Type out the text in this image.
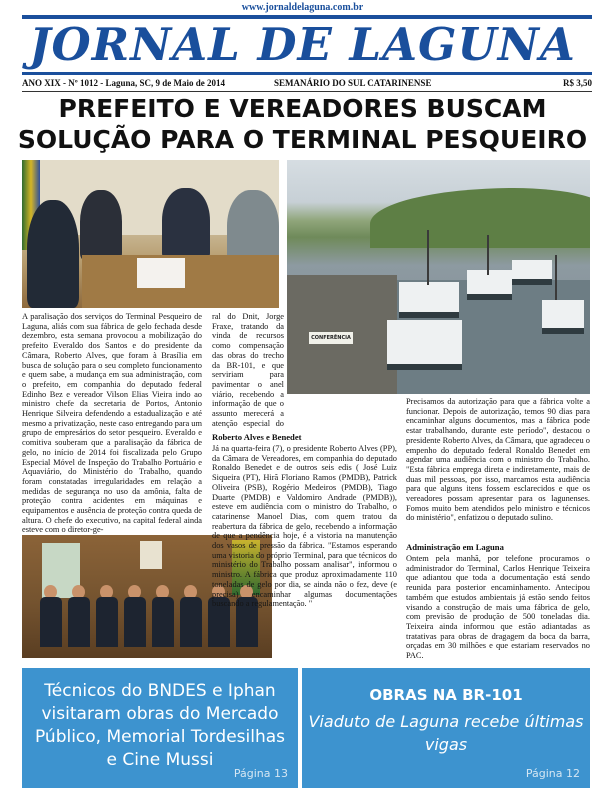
www.jornaldelaguna.com.br
JORNAL DE LAGUNA
ANO XIX - Nº 1012 - Laguna, SC, 9 de Maio de 2014	SEMANÁRIO DO SUL CATARINENSE	R$ 3,50
PREFEITO E VEREADORES BUSCAM
SOLUÇÃO PARA O TERMINAL PESQUEIRO
CONFERÊNCIA
A paralisação dos serviços do Terminal Pesqueiro de Laguna, aliás com sua fábrica de gelo fechada desde dezembro, esta semana provocou a mobilização do prefeito Everaldo dos Santos e do presidente da Câmara, Roberto Alves, que foram à Brasília em busca de solução para o seu completo funcionamento e quem sabe, a mudança em sua administração, com o prefeito, em companhia do deputado federal Edinho Bez e vereador Vilson Elias Vieira indo ao ministro chefe da secretaria de Portos, Antonio Henrique Silveira defendendo a estadualização e até mesmo a privatização, neste caso entregando para um grupo de empresários do setor pesqueiro. Everaldo e comitiva souberam que a paralisação da fábrica de gelo, no início de 2014 foi fiscalizada pelo Grupo Especial Móvel de Inspeção do Trabalho Portuário e Aquaviário, do Ministério do Trabalho, quando foram constatadas irregularidades em relação a medidas de segurança no uso da amônia, falta de proteção contra acidentes em máquinas e equipamentos e ausência de proteção contra queda de altura. O chefe do executivo, na capital federal ainda esteve com o diretor-ge-
ral do Dnit, Jorge Fraxe, tratando da vinda de recursos como compensação das obras do trecho da BR-101, e que serviriam para pavimentar o anel viário, recebendo a informação de que o assunto merecerá a atenção especial do
Roberto Alves e Benedet
Já na quarta-feira (7), o presidente Roberto Alves (PP), da Câmara de Vereadores, em companhia do deputado Ronaldo Benedet e de outros seis edis ( José Luiz Siqueira (PT), Hirã Floriano Ramos (PMDB), Patrick Oliveira (PSB), Rogério Medeiros (PMDB), Tiago Duarte (PMDB) e Valdomiro Andrade (PMDB)), esteve em audiência com o ministro do Trabalho, o catarinense Manoel Dias, com quem tratou da reabertura da fábrica de gelo, recebendo a informação de que a pendência hoje, é a vistoria na manutenção dos vasos de pressão da fábrica. "Estamos esperando uma vistoria do próprio Terminal, para que técnicos do ministério do Trabalho possam analisar", informou o ministro. A fábrica que produz aproximadamente 110 toneladas de gelo por dia, se ainda não o fez, deve (e precisa) encaminhar algumas documentações buscando a regulamentação. "
Precisamos da autorização para que a fábrica volte a funcionar. Depois de autorização, temos 90 dias para encaminhar alguns documentos, mas a fábrica pode estar trabalhando, durante este período", destacou o presidente Roberto Alves, da Câmara, que agradeceu o empenho do deputado federal Ronaldo Benedet em agendar uma audiência com o ministro do Trabalho. "Esta fábrica emprega direta e indiretamente, mais de duas mil pessoas, por isso, marcamos esta audiência para que alguns itens fossem esclarecidos e que os vereadores possam apresentar para os lagunenses. Fomos muito bem atendidos pelo ministro e técnicos do ministério", enfatizou o deputado sulino.
Administração em Laguna
Ontem pela manhã, por telefone procuramos o administrador do Terminal, Carlos Henrique Teixeira que adiantou que toda a documentação está sendo reunida para posterior encaminhamento. Antecipou também que estudos ambientais já estão sendo feitos visando a construção de mais uma fábrica de gelo, com previsão de produção de 500 toneladas dia. Teixeira ainda informou que estão adiantadas as tratativas para obras de dragagem da boca da barra, orçadas em 30 milhões e que estariam reservados no PAC.
Técnicos do BNDES e Iphan visitaram obras do Mercado Público, Memorial Tordesilhas e Cine Mussi
Página 13
OBRAS NA BR-101
Viaduto de Laguna recebe últimas vigas
Página 12
